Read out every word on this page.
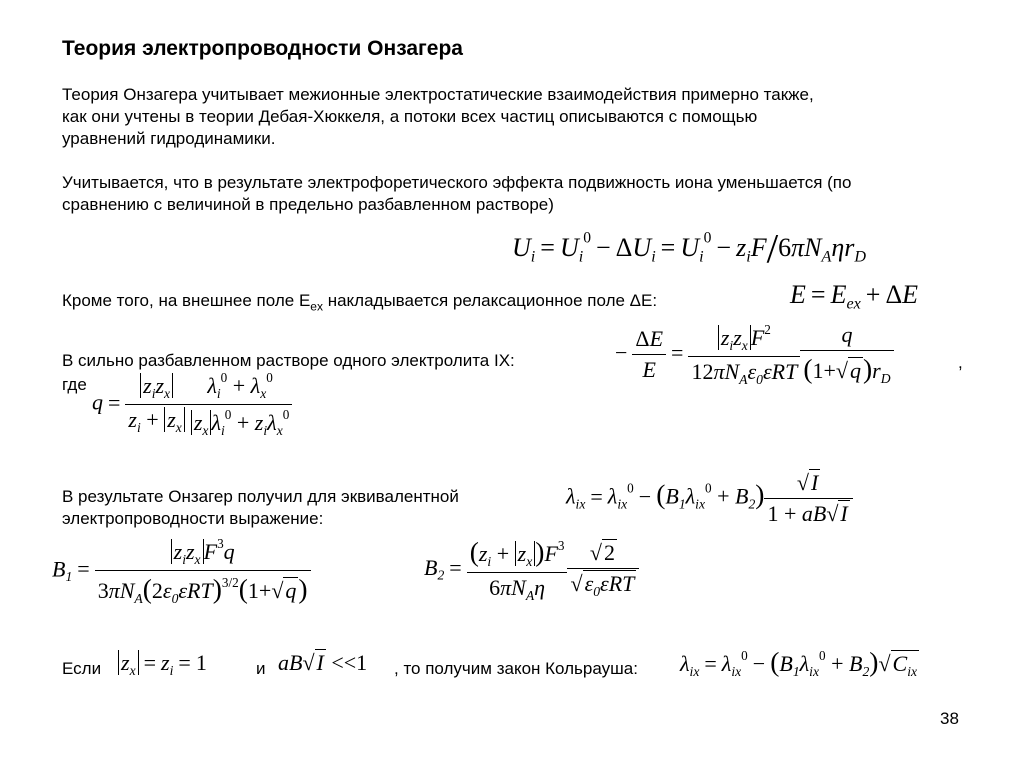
Теория электропроводности Онзагера
Теория Онзагера учитывает межионные электростатические взаимодействия примерно также,
как они учтены в теории Дебая-Хюккеля, а потоки всех частиц описываются с помощью
уравнений гидродинамики.
Учитывается, что в результате электрофоретического эффекта подвижность иона уменьшается (по
сравнению с величиной в предельно разбавленном растворе)
$U_i = U_i^0 - \Delta U_i = U_i^0 - z_iF/6\pi N_A\eta r_D$
Кроме того, на внешнее поле $E_{ex}$ накладывается релаксационное поле ΔE:	$E = E_{ex} + \Delta E$
В сильно разбавленном растворе одного электролита IX:
где
,
− $\frac{\Delta E}{E} = \frac{z_iz_x F^2}{12\pi N_A\varepsilon_0\varepsilon RT} \frac{q}{(1+√q)r_D}$
$q = \frac{z_iz_x}{z_i + z_x} \frac{\lambda_i^0 + \lambda_x^0}{z_x \lambda_i^0 + z_i\lambda_x^0}$
В результате Онзагер получил для эквивалентной
электропроводности выражение:
$\lambda_{ix} = \lambda_{ix}^0 - (B_1\lambda_{ix}^0 + B_2) \frac{√I}{1 + aB√I}$
$B_1 = \frac{z_iz_x F^3q}{3\pi N_A(2\varepsilon_0\varepsilon RT)^{3/2}(1+√q)}$	$B_2 = \frac{(z_i + z_x )F^3}{6\pi N_A\eta} \frac{√2}{√\varepsilon_0\varepsilon RT}$
Если $z_x = z_i = 1$	и aB√I <<1 , то получим закон Кольрауша: $\lambda_{ix} = \lambda_{ix}^0 - (B_1\lambda_{ix}^0 + B_2)√C_{ix}$
38
